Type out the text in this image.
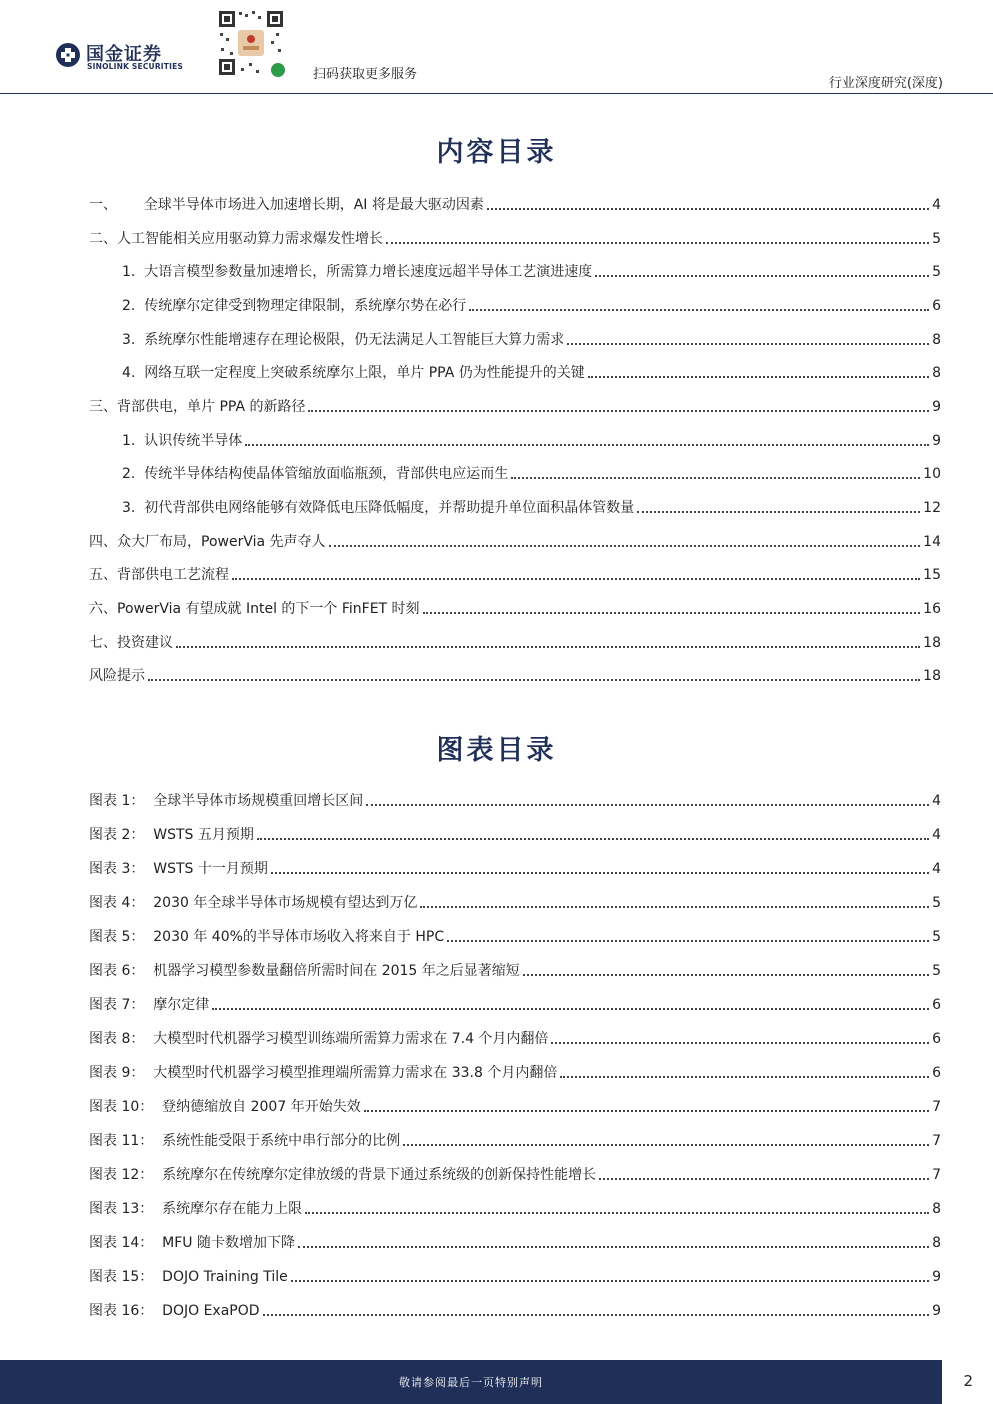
国金证券
SINOLINK SECURITIES
扫码获取更多服务
行业深度研究(深度)
内容目录
一、 全球半导体市场进入加速增长期，AI 将是最大驱动因素	4
二、 人工智能相关应用驱动算力需求爆发性增长	5
1. 大语言模型参数量加速增长，所需算力增长速度远超半导体工艺演进速度	5
2. 传统摩尔定律受到物理定律限制，系统摩尔势在必行	6
3. 系统摩尔性能增速存在理论极限，仍无法满足人工智能巨大算力需求	8
4. 网络互联一定程度上突破系统摩尔上限，单片 PPA 仍为性能提升的关键	8
三、 背部供电，单片 PPA 的新路径	9
1. 认识传统半导体	9
2. 传统半导体结构使晶体管缩放面临瓶颈，背部供电应运而生	10
3. 初代背部供电网络能够有效降低电压降低幅度，并帮助提升单位面积晶体管数量	12
四、 众大厂布局，PowerVia 先声夺人	14
五、 背部供电工艺流程	15
六、 PowerVia 有望成就 Intel 的下一个 FinFET 时刻	16
七、 投资建议	18
风险提示	18
图表目录
图表 1： 全球半导体市场规模重回增长区间	4
图表 2： WSTS 五月预期	4
图表 3： WSTS 十一月预期	4
图表 4： 2030 年全球半导体市场规模有望达到万亿	5
图表 5： 2030 年 40%的半导体市场收入将来自于 HPC	5
图表 6： 机器学习模型参数量翻倍所需时间在 2015 年之后显著缩短	5
图表 7： 摩尔定律	6
图表 8： 大模型时代机器学习模型训练端所需算力需求在 7.4 个月内翻倍	6
图表 9： 大模型时代机器学习模型推理端所需算力需求在 33.8 个月内翻倍	6
图表 10： 登纳德缩放自 2007 年开始失效	7
图表 11： 系统性能受限于系统中串行部分的比例	7
图表 12： 系统摩尔在传统摩尔定律放缓的背景下通过系统级的创新保持性能增长	7
图表 13： 系统摩尔存在能力上限	8
图表 14： MFU 随卡数增加下降	8
图表 15： DOJO Training Tile	9
图表 16： DOJO ExaPOD	9
敬请参阅最后一页特别声明	2
